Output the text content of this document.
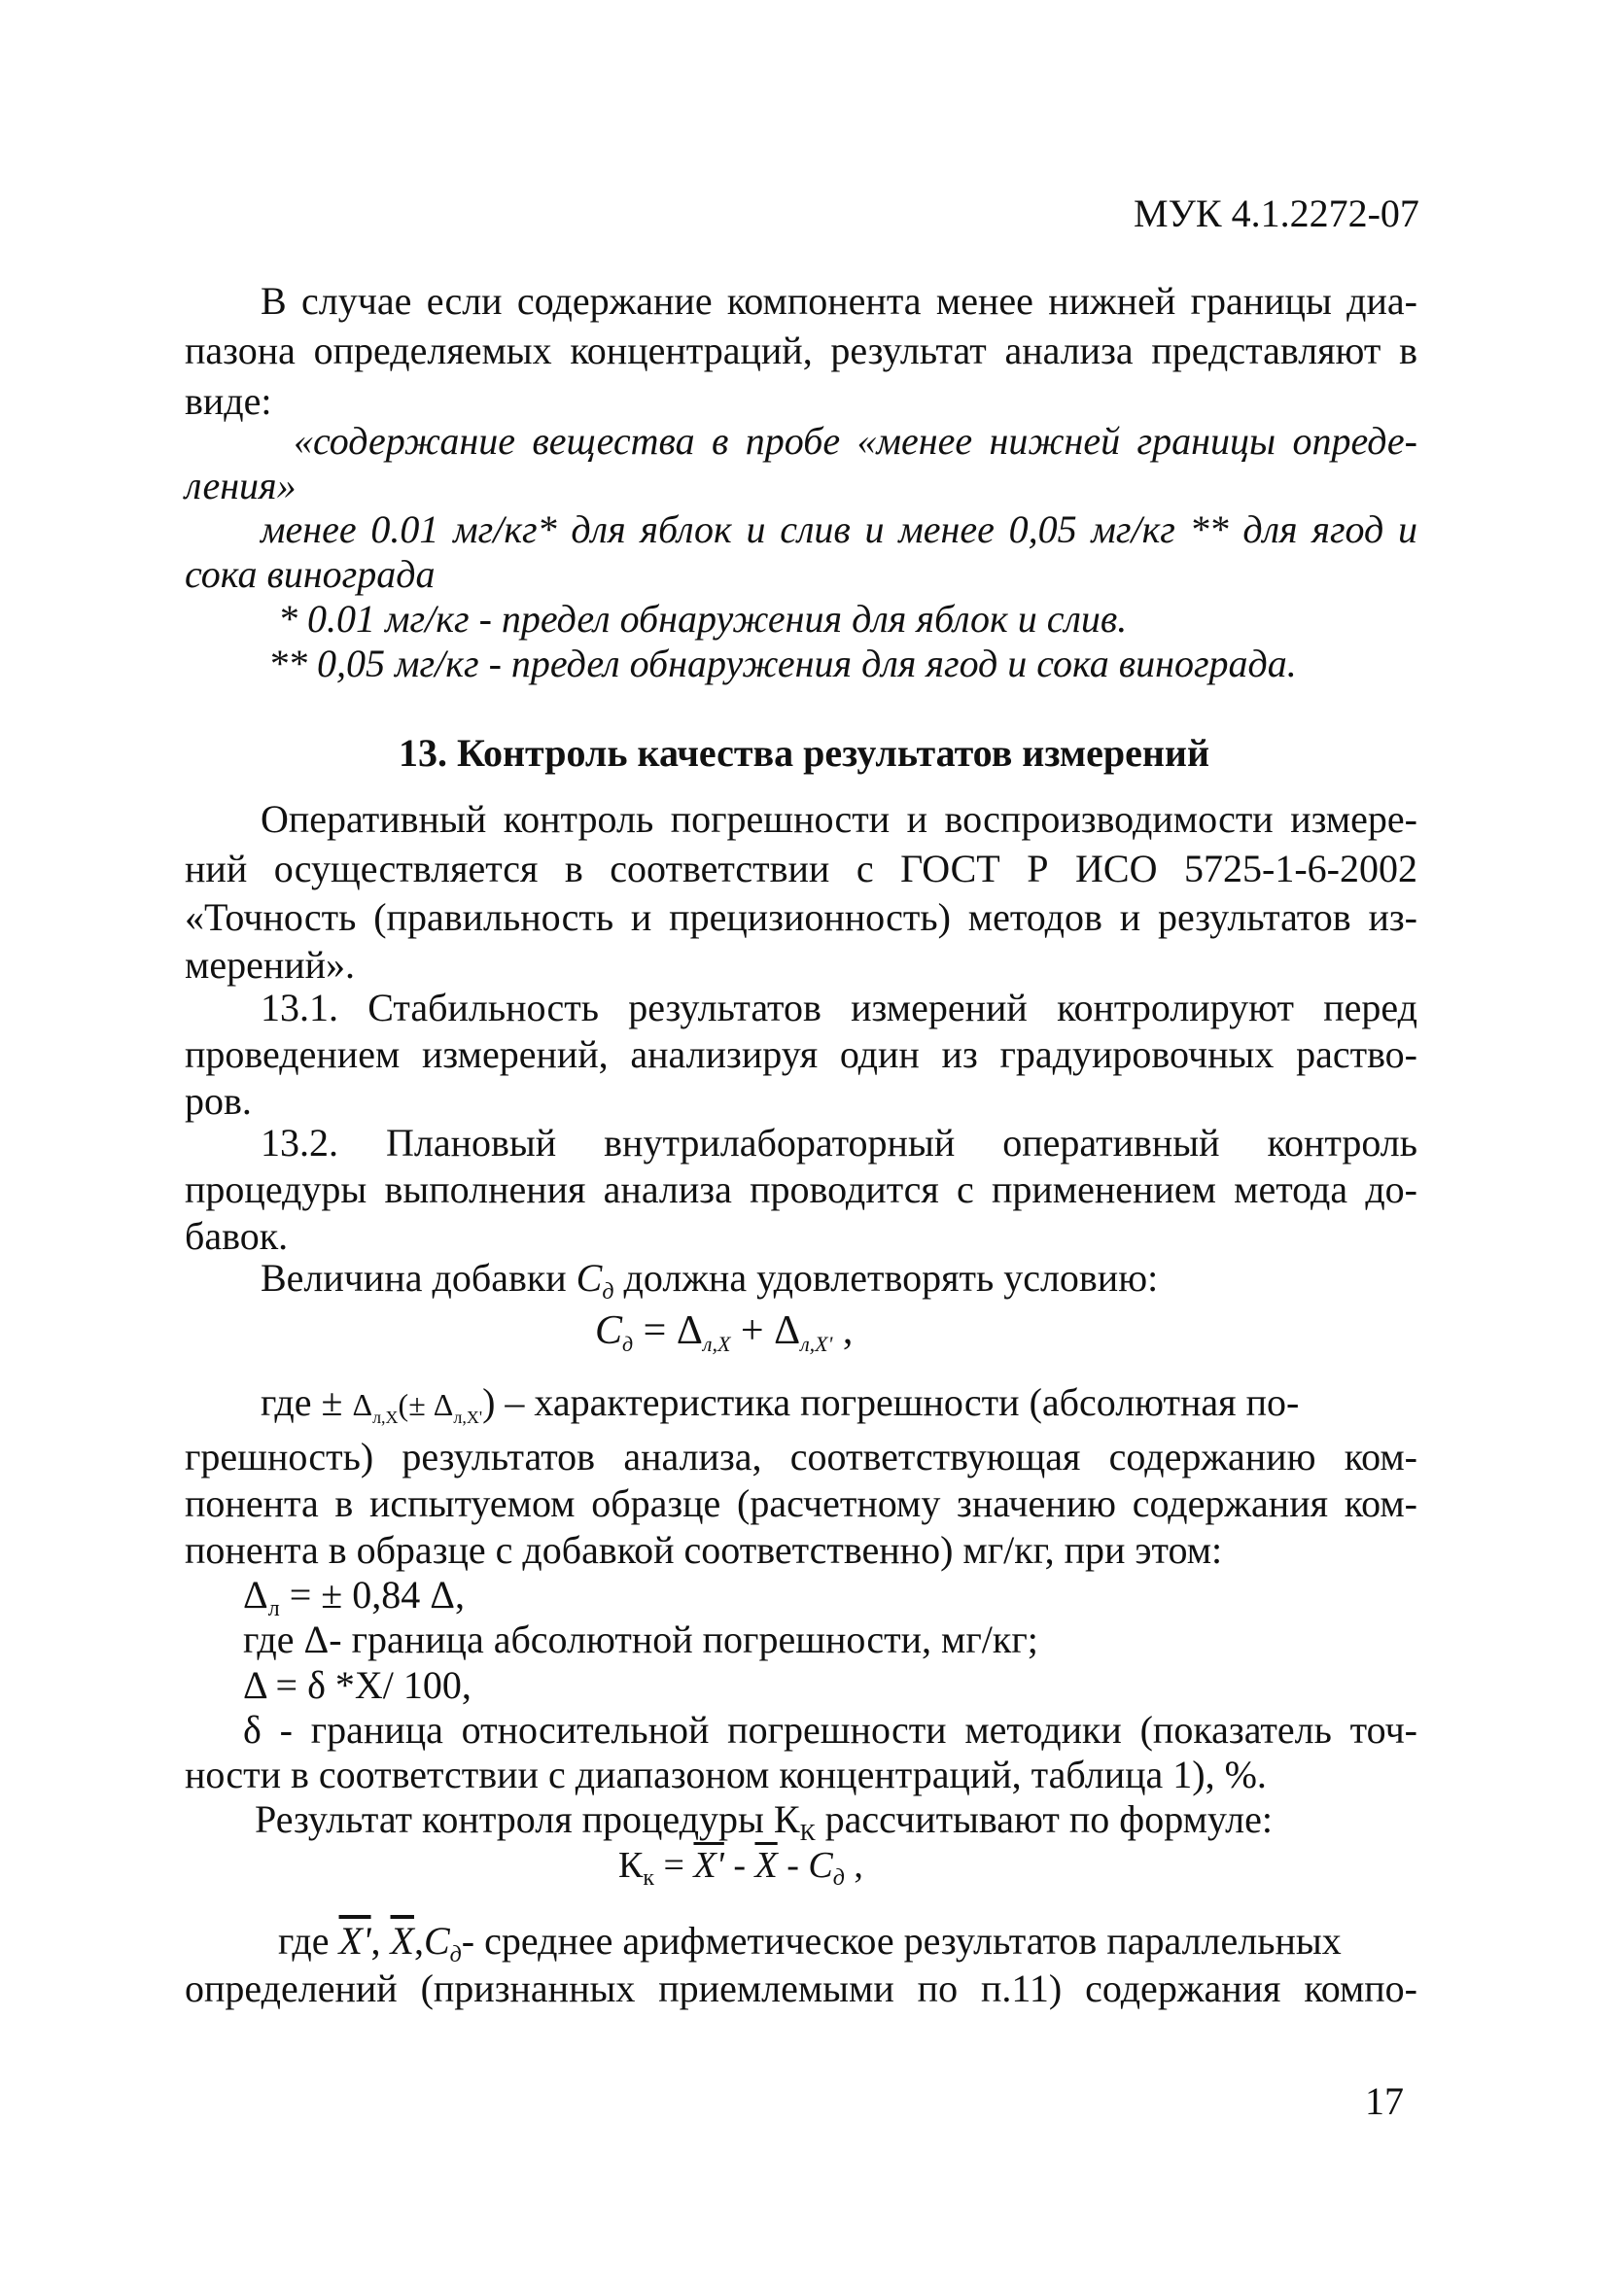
МУК 4.1.2272-07
В случае если содержание компонента менее нижней границы диа-
пазона определяемых концентраций, результат анализа представляют в
виде:
«содержание вещества в пробе «менее нижней границы опреде-
ления»
менее 0.01 мг/кг* для яблок и слив и менее 0,05 мг/кг ** для ягод и
сока винограда
* 0.01 мг/кг - предел обнаружения для яблок и слив.
** 0,05 мг/кг - предел обнаружения для ягод и сока винограда.
13. Контроль качества результатов измерений
Оперативный контроль погрешности и воспроизводимости измере-
ний осуществляется в соответствии с ГОСТ Р ИСО 5725-1-6-2002
«Точность (правильность и прецизионность) методов и результатов из-
мерений».
13.1. Стабильность результатов измерений контролируют перед
проведением измерений, анализируя один из градуировочных раство-
ров.
13.2. Плановый внутрилабораторный оперативный контроль
процедуры выполнения анализа проводится с применением метода до-
бавок.
Величина добавки $C_д$ должна удовлетворять условию:
$C_д = \Delta_{л,X} + \Delta_{л,X'}$ ,
где ± $\Delta_{л,X}(\pm \Delta_{л,X'})$ – характеристика погрешности (абсолютная по-
грешность) результатов анализа, соответствующая содержанию ком-
понента в испытуемом образце (расчетному значению содержания ком-
понента в образце с добавкой соответственно) мг/кг, при этом:
$\Delta_л$ = ± 0,84 Δ,
где Δ- граница абсолютной погрешности, мг/кг;
Δ = δ *X/ 100,
δ - граница относительной погрешности методики (показатель точ-
ности в соответствии с диапазоном концентраций, таблица 1), %.
Результат контроля процедуры $К_К$ рассчитывают по формуле:
$К_к = X' - \overline{X} - C_д$ ,
где X', $\overline{X},C_д-$ среднее арифметическое результатов параллельных
определений (признанных приемлемыми по п.11) содержания компо-
17
